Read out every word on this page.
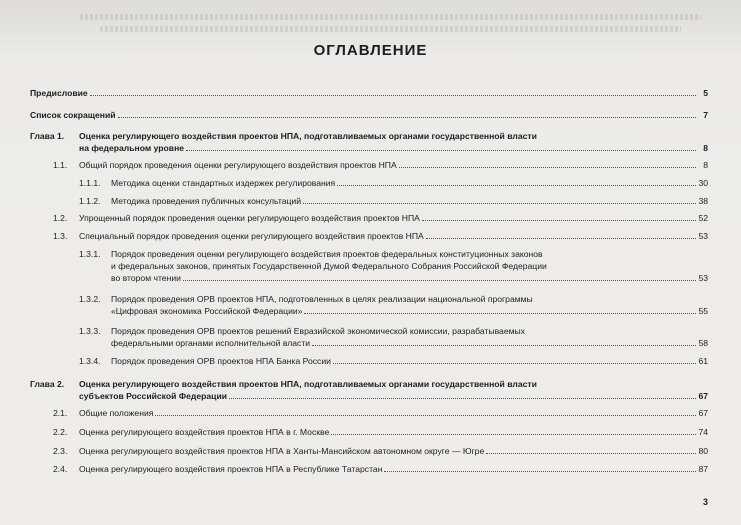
ОГЛАВЛЕНИЕ
Предисловие	5
Список сокращений	7
Глава 1. Оценка регулирующего воздействия проектов НПА, подготавливаемых органами государственной власти
на федеральном уровне	8
1.1. Общий порядок проведения оценки регулирующего воздействия проектов НПА	8
1.1.1. Методика оценки стандартных издержек регулирования	30
1.1.2. Методика проведения публичных консультаций	38
1.2. Упрощенный порядок проведения оценки регулирующего воздействия проектов НПА	52
1.3. Специальный порядок проведения оценки регулирующего воздействия проектов НПА	53
1.3.1. Порядок проведения оценки регулирующего воздействия проектов федеральных конституционных законов
и федеральных законов, принятых Государственной Думой Федерального Собрания Российской Федерации
во втором чтении	53
1.3.2. Порядок проведения ОРВ проектов НПА, подготовленных в целях реализации национальной программы
«Цифровая экономика Российской Федерации»	55
1.3.3. Порядок проведения ОРВ проектов решений Евразийской экономической комиссии, разрабатываемых
федеральными органами исполнительной власти	58
1.3.4. Порядок проведения ОРВ проектов НПА Банка России	61
Глава 2. Оценка регулирующего воздействия проектов НПА, подготавливаемых органами государственной власти
субъектов Российской Федерации	67
2.1. Общие положения	67
2.2. Оценка регулирующего воздействия проектов НПА в г. Москве	74
2.3. Оценка регулирующего воздействия проектов НПА в Ханты-Мансийском автономном округе — Югре	80
2.4. Оценка регулирующего воздействия проектов НПА в Республике Татарстан	87
3
